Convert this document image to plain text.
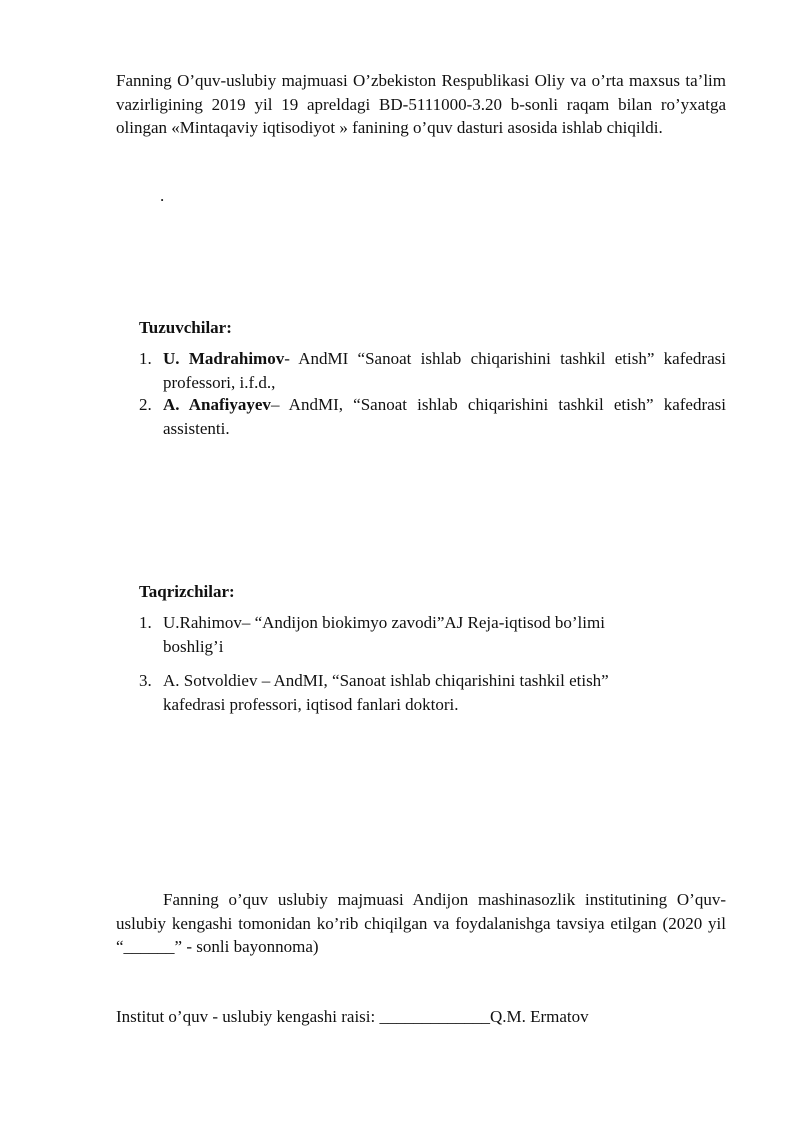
Fanning O’quv-uslubiy majmuasi O’zbekiston Respublikasi Oliy va o’rta maxsus ta’lim vazirligining 2019 yil 19 apreldagi BD-5111000-3.20 b-sonli raqam bilan ro’yxatga olingan «Mintaqaviy iqtisodiyot » fanining o’quv dasturi asosida ishlab chiqildi.

.

Tuzuvchilar:

1. U. Madrahimov- AndMI “Sanoat ishlab chiqarishini tashkil etish” kafedrasi professori, i.f.d.,
2. A. Anafiyayev– AndMI, “Sanoat ishlab chiqarishini tashkil etish” kafedrasi assistenti.

Taqrizchilar:

1. U.Rahimov– “Andijon biokimyo zavodi”AJ Reja-iqtisod bo’limi boshlig’i
3. A. Sotvoldiev – AndMI, “Sanoat ishlab chiqarishini tashkil etish” kafedrasi professori, iqtisod fanlari doktori.

Fanning o’quv uslubiy majmuasi Andijon mashinasozlik institutining O’quv-uslubiy kengashi tomonidan ko’rib chiqilgan va foydalanishga tavsiya etilgan (2020 yil “______” - sonli bayonnoma)

Institut o’quv - uslubiy kengashi raisi: _____________Q.M. Ermatov
